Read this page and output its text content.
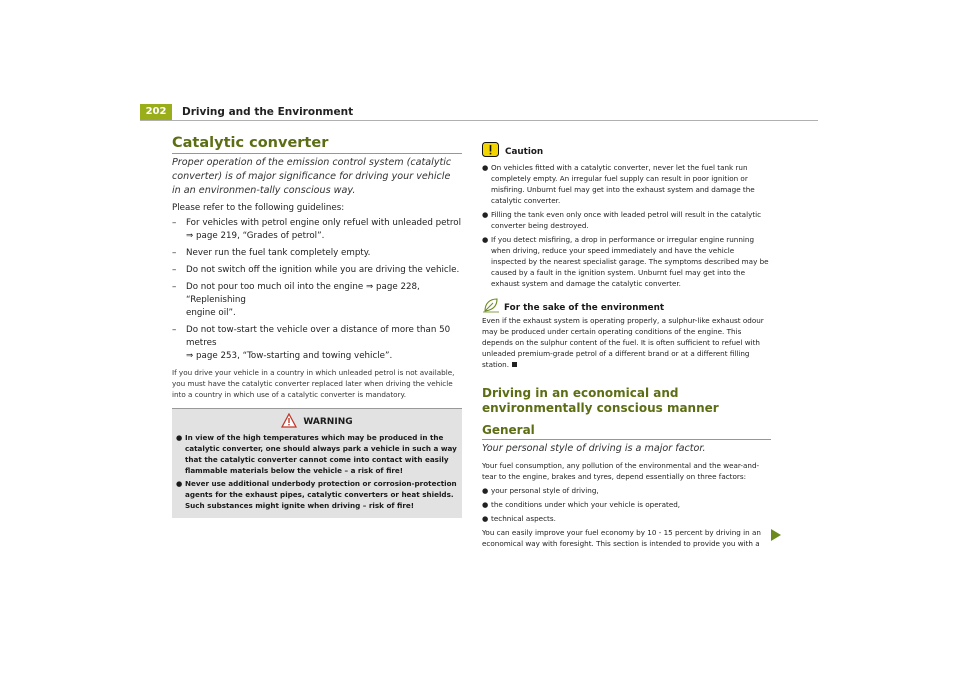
202	Driving and the Environment
Catalytic converter

Proper operation of the emission control system (catalytic converter) is of major significance for driving your vehicle in an environmen-tally conscious way.

Please refer to the following guidelines:

– For vehicles with petrol engine only refuel with unleaded petrol
⇒ page 219, “Grades of petrol”.
– Never run the fuel tank completely empty.
– Do not switch off the ignition while you are driving the vehicle.
– Do not pour too much oil into the engine ⇒ page 228, “Replenishing
engine oil”.
– Do not tow-start the vehicle over a distance of more than 50 metres
⇒ page 253, “Tow-starting and towing vehicle”.

If you drive your vehicle in a country in which unleaded petrol is not available, you must have the catalytic converter replaced later when driving the vehicle into a country in which use of a catalytic converter is mandatory.

WARNING
● In view of the high temperatures which may be produced in the catalytic converter, one should always park a vehicle in such a way that the catalytic converter cannot come into contact with easily flammable materials below the vehicle – a risk of fire!
● Never use additional underbody protection or corrosion-protection agents for the exhaust pipes, catalytic converters or heat shields. Such substances might ignite when driving – risk of fire!
Caution
● On vehicles fitted with a catalytic converter, never let the fuel tank run completely empty. An irregular fuel supply can result in poor ignition or misfiring. Unburnt fuel may get into the exhaust system and damage the catalytic converter.
● Filling the tank even only once with leaded petrol will result in the catalytic converter being destroyed.
● If you detect misfiring, a drop in performance or irregular engine running when driving, reduce your speed immediately and have the vehicle inspected by the nearest specialist garage. The symptoms described may be caused by a fault in the ignition system. Unburnt fuel may get into the exhaust system and damage the catalytic converter.
For the sake of the environment
Even if the exhaust system is operating properly, a sulphur-like exhaust odour may be produced under certain operating conditions of the engine. This depends on the sulphur content of the fuel. It is often sufficient to refuel with unleaded premium-grade petrol of a different brand or at a different filling station.
Driving in an economical and environmentally conscious manner
General

Your personal style of driving is a major factor.

Your fuel consumption, any pollution of the environmental and the wear-and-tear to the engine, brakes and tyres, depend essentially on three factors:
● your personal style of driving,
● the conditions under which your vehicle is operated,
● technical aspects.
You can easily improve your fuel economy by 10 - 15 percent by driving in an economical way with foresight. This section is intended to provide you with a
